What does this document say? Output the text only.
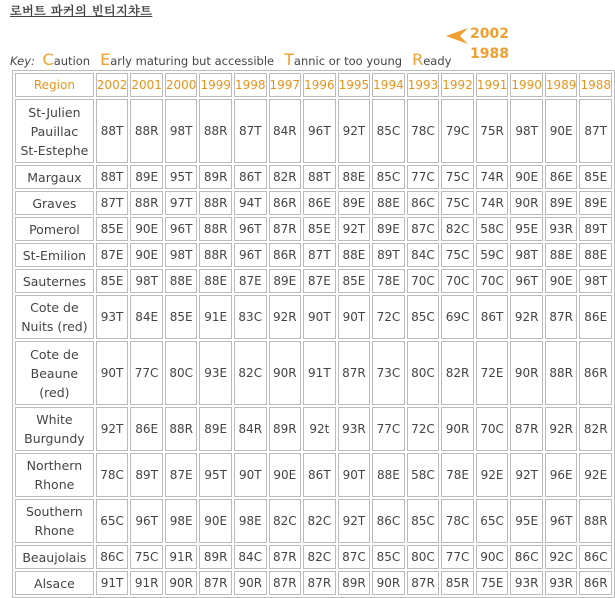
로버트 파커의 빈티지챠트
2002
1988
Key: Caution Early maturing but accessible Tannic or too young Ready
Region	2002	2001	2000	1999	1998	1997	1996	1995	1994	1993	1992	1991	1990	1989	1988

St-Julien
Pauillac
St-Estephe	88T	88R	98T	88R	87T	84R	96T	92T	85C	78C	79C	75R	98T	90E	87T

Margaux	88T	89E	95T	89R	86T	82R	88T	88E	85C	77C	75C	74R	90E	86E	85E

Graves	87T	88R	97T	88R	94T	86R	86E	89E	88E	86C	75C	74R	90R	89E	89E

Pomerol	85E	90E	96T	88R	96T	87R	85E	92T	89E	87C	82C	58C	95E	93R	89T

St-Emilion	87E	90E	98T	88R	96T	86R	87T	88E	89T	84C	75C	59C	98T	88E	88E

Sauternes	85E	98T	88E	88E	87E	89E	87E	85E	78E	70C	70C	70C	96T	90E	98T

Cote de
Nuits (red)	93T	84E	85E	91E	83C	92R	90T	90T	72C	85C	69C	86T	92R	87R	86E

Cote de
Beaune
(red)	90T	77C	80C	93E	82C	90R	91T	87R	73C	80C	82R	72E	90R	88R	86R

White
Burgundy	92T	86E	88R	89E	84R	89R	92t	93R	77C	72C	90R	70C	87R	92R	82R

Northern
Rhone	78C	89T	87E	95T	90T	90E	86T	90T	88E	58C	78E	92E	92T	96E	92E

Southern
Rhone	65C	96T	98E	90E	98E	82C	82C	92T	86C	85C	78C	65C	95E	96T	88R

Beaujolais	86C	75C	91R	89R	84C	87R	82C	87C	85C	80C	77C	90C	86C	92C	86C

Alsace	91T	91R	90R	87R	90R	87R	87R	89R	90R	87R	85R	75E	93R	93R	86R
